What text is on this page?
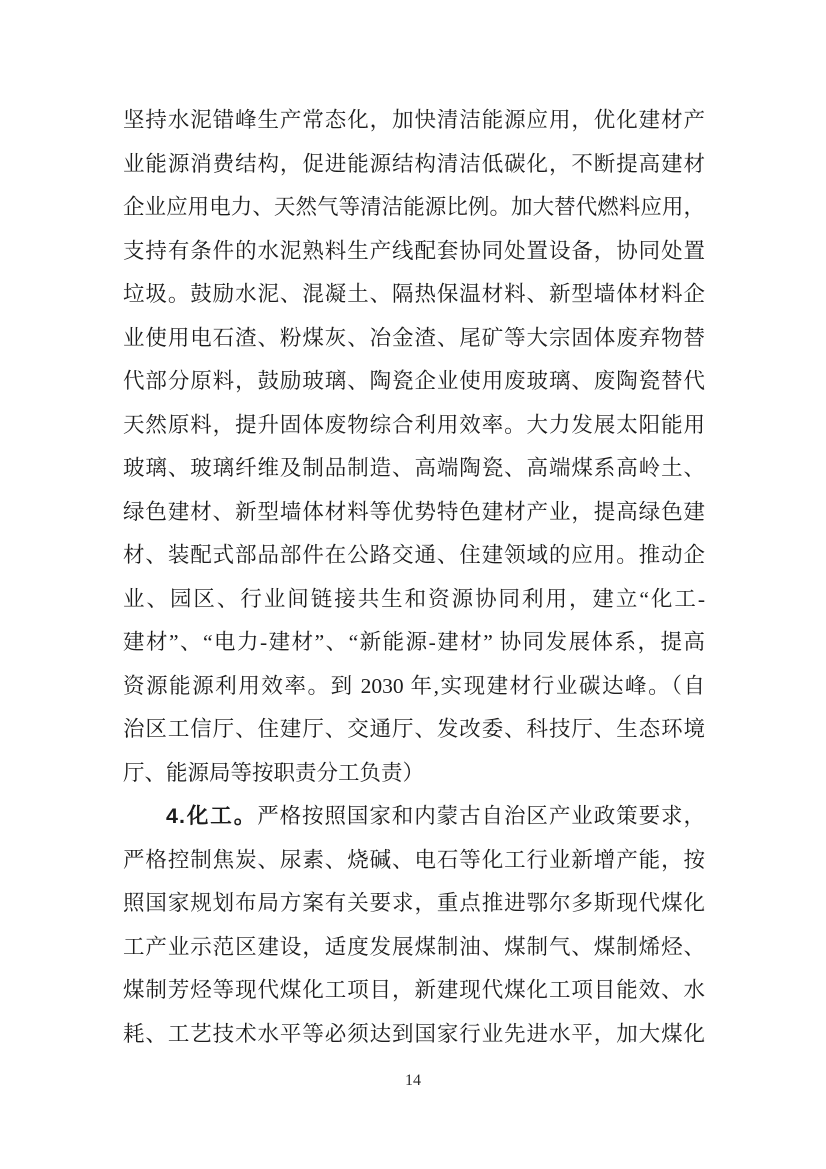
坚持水泥错峰生产常态化，加快清洁能源应用，优化建材产
业能源消费结构，促进能源结构清洁低碳化，不断提高建材
企业应用电力、天然气等清洁能源比例。加大替代燃料应用，
支持有条件的水泥熟料生产线配套协同处置设备，协同处置
垃圾。鼓励水泥、混凝土、隔热保温材料、新型墙体材料企
业使用电石渣、粉煤灰、冶金渣、尾矿等大宗固体废弃物替
代部分原料，鼓励玻璃、陶瓷企业使用废玻璃、废陶瓷替代
天然原料，提升固体废物综合利用效率。大力发展太阳能用
玻璃、玻璃纤维及制品制造、高端陶瓷、高端煤系高岭土、
绿色建材、新型墙体材料等优势特色建材产业，提高绿色建
材、装配式部品部件在公路交通、住建领域的应用。推动企
业、园区、行业间链接共生和资源协同利用，建立“化工-
建材”、“电力-建材”、“新能源-建材” 协同发展体系，提高
资源能源利用效率。到 2030 年,实现建材行业碳达峰。（自
治区工信厅、住建厅、交通厅、发改委、科技厅、生态环境
厅、能源局等按职责分工负责）
4.化工。严格按照国家和内蒙古自治区产业政策要求，
严格控制焦炭、尿素、烧碱、电石等化工行业新增产能，按
照国家规划布局方案有关要求，重点推进鄂尔多斯现代煤化
工产业示范区建设，适度发展煤制油、煤制气、煤制烯烃、
煤制芳烃等现代煤化工项目，新建现代煤化工项目能效、水
耗、工艺技术水平等必须达到国家行业先进水平，加大煤化
14
